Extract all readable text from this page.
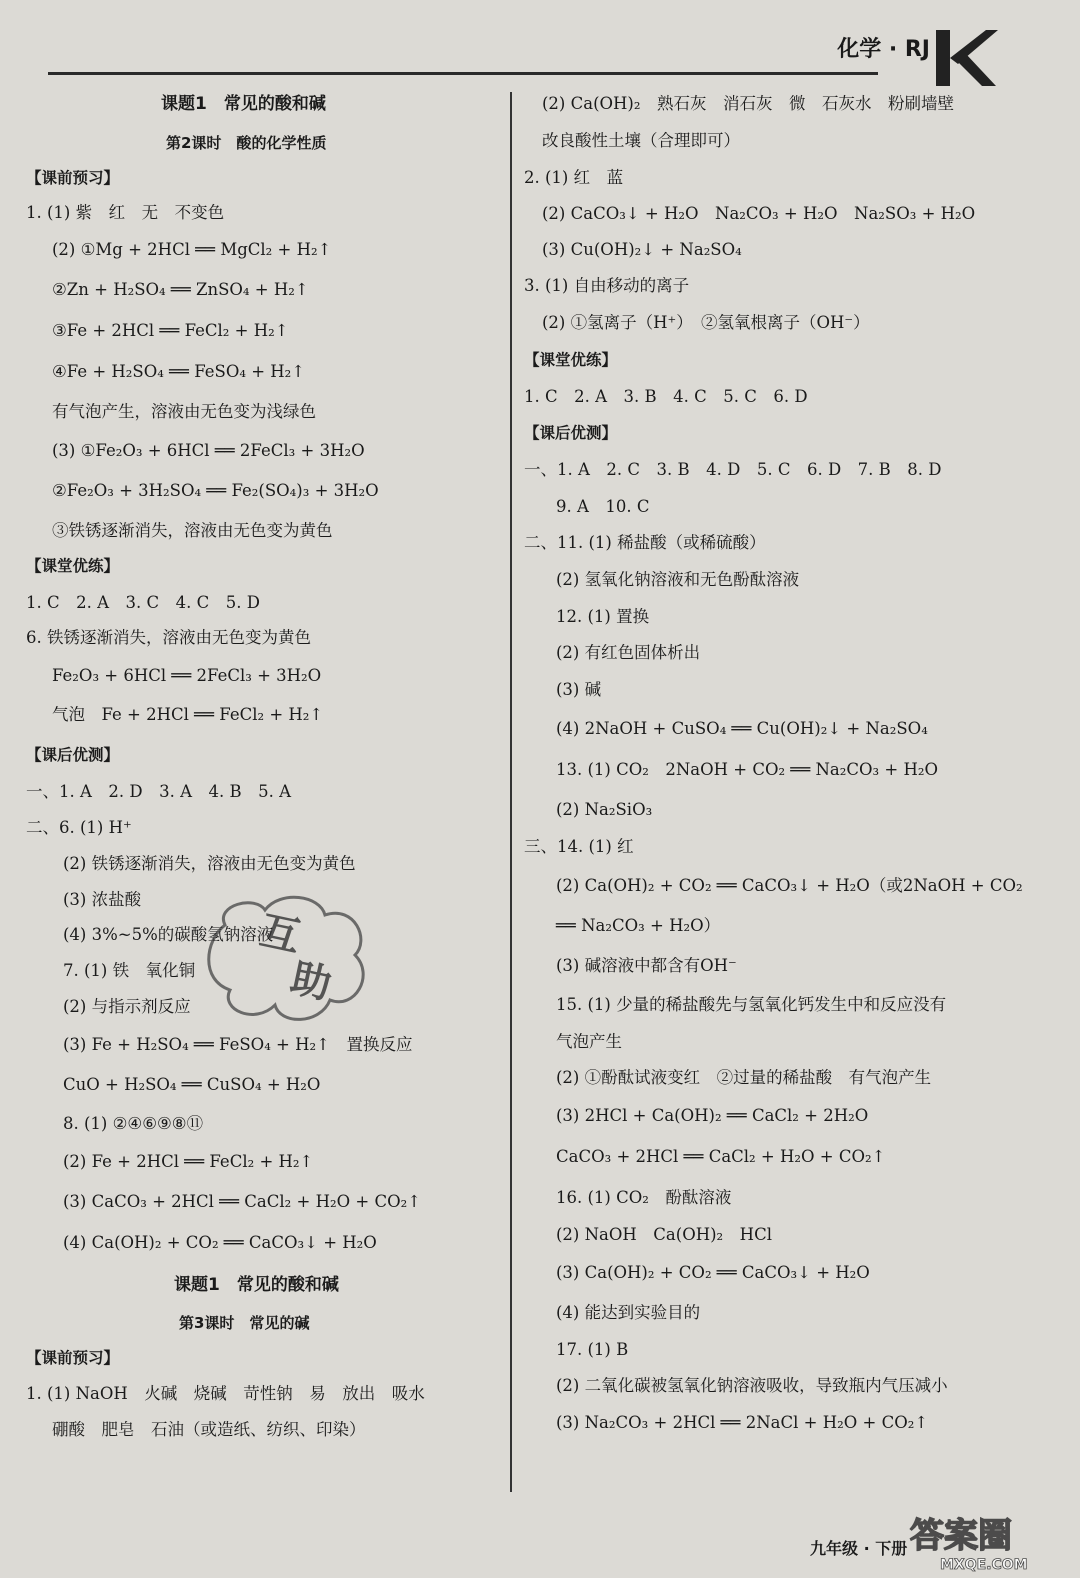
化学 · RJ
课题1　常见的酸和碱
第2课时　酸的化学性质
【课前预习】
1. (1) 紫　红　无　不变色
(2) ①Mg + 2HCl ══ MgCl₂ + H₂↑
②Zn + H₂SO₄ ══ ZnSO₄ + H₂↑
③Fe + 2HCl ══ FeCl₂ + H₂↑
④Fe + H₂SO₄ ══ FeSO₄ + H₂↑
有气泡产生，溶液由无色变为浅绿色
(3) ①Fe₂O₃ + 6HCl ══ 2FeCl₃ + 3H₂O
②Fe₂O₃ + 3H₂SO₄ ══ Fe₂(SO₄)₃ + 3H₂O
③铁锈逐渐消失，溶液由无色变为黄色
【课堂优练】
1. C　2. A　3. C　4. C　5. D
6. 铁锈逐渐消失，溶液由无色变为黄色
Fe₂O₃ + 6HCl ══ 2FeCl₃ + 3H₂O
气泡　Fe + 2HCl ══ FeCl₂ + H₂↑
【课后优测】
一、1. A　2. D　3. A　4. B　5. A
二、6. (1) H⁺
(2) 铁锈逐渐消失，溶液由无色变为黄色
(3) 浓盐酸
(4) 3%~5%的碳酸氢钠溶液
7. (1) 铁　氧化铜
(2) 与指示剂反应
(3) Fe + H₂SO₄ ══ FeSO₄ + H₂↑　置换反应
CuO + H₂SO₄ ══ CuSO₄ + H₂O
8. (1) ②④⑥⑨⑧⑪
(2) Fe + 2HCl ══ FeCl₂ + H₂↑
(3) CaCO₃ + 2HCl ══ CaCl₂ + H₂O + CO₂↑
(4) Ca(OH)₂ + CO₂ ══ CaCO₃↓ + H₂O
课题1　常见的酸和碱
第3课时　常见的碱
【课前预习】
1. (1) NaOH　火碱　烧碱　苛性钠　易　放出　吸水
硼酸　肥皂　石油（或造纸、纺织、印染）
(2) Ca(OH)₂　熟石灰　消石灰　微　石灰水　粉刷墙壁
改良酸性土壤（合理即可）
2. (1) 红　蓝
(2) CaCO₃↓ + H₂O　Na₂CO₃ + H₂O　Na₂SO₃ + H₂O
(3) Cu(OH)₂↓ + Na₂SO₄
3. (1) 自由移动的离子
(2) ①氢离子（H⁺）　②氢氧根离子（OH⁻）
【课堂优练】
1. C　2. A　3. B　4. C　5. C　6. D
【课后优测】
一、1. A　2. C　3. B　4. D　5. C　6. D　7. B　8. D
9. A　10. C
二、11. (1) 稀盐酸（或稀硫酸）
(2) 氢氧化钠溶液和无色酚酞溶液
12. (1) 置换
(2) 有红色固体析出
(3) 碱
(4) 2NaOH + CuSO₄ ══ Cu(OH)₂↓ + Na₂SO₄
13. (1) CO₂　2NaOH + CO₂ ══ Na₂CO₃ + H₂O
(2) Na₂SiO₃
三、14. (1) 红
(2) Ca(OH)₂ + CO₂ ══ CaCO₃↓ + H₂O（或2NaOH + CO₂
══ Na₂CO₃ + H₂O）
(3) 碱溶液中都含有OH⁻
15. (1) 少量的稀盐酸先与氢氧化钙发生中和反应没有
气泡产生
(2) ①酚酞试液变红　②过量的稀盐酸　有气泡产生
(3) 2HCl + Ca(OH)₂ ══ CaCl₂ + 2H₂O
CaCO₃ + 2HCl ══ CaCl₂ + H₂O + CO₂↑
16. (1) CO₂　酚酞溶液
(2) NaOH　Ca(OH)₂　HCl
(3) Ca(OH)₂ + CO₂ ══ CaCO₃↓ + H₂O
(4) 能达到实验目的
17. (1) B
(2) 二氧化碳被氢氧化钠溶液吸收，导致瓶内气压减小
(3) Na₂CO₃ + 2HCl ══ 2NaCl + H₂O + CO₂↑
互
助
九年级 · 下册 答案圈
MXQE.COM
